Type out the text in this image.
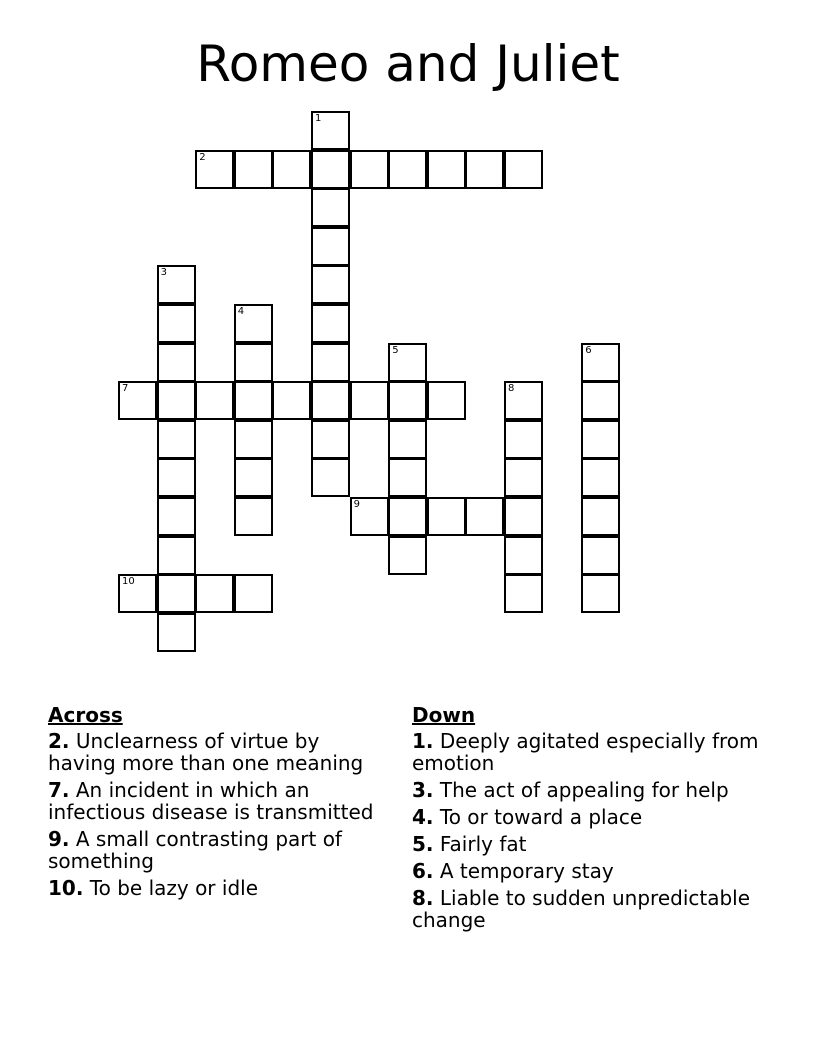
Romeo and Juliet
1
2
3
4
5	6
7	8
9
10
Across
2. Unclearness of virtue by having more than one meaning
7. An incident in which an infectious disease is transmitted
9. A small contrasting part of something
10. To be lazy or idle
Down
1. Deeply agitated especially from emotion
3. The act of appealing for help
4. To or toward a place
5. Fairly fat
6. A temporary stay
8. Liable to sudden unpredictable change
